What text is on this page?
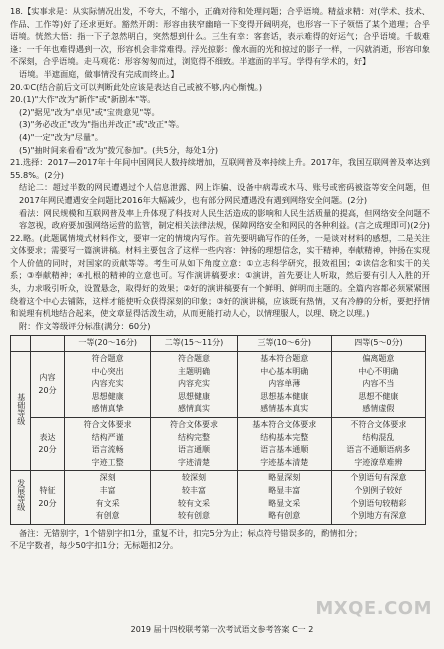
18.【实事求是：从实际情况出发，不夸大，不缩小，正确对待和处理问题；合乎语境。精益求精：对(学术、技术、作品、工作等)好了还求更好。豁然开朗：形容由狭窄幽暗一下变得开阔明亮，也形容一下子领悟了某个道理；合乎语境。恍然大悟：指一下子忽然明白，突然想到什么。三生有幸：客套话，表示难得的好运气；合乎语境。千载难逢：一千年也难得遇到一次，形容机会非常难得。浮光掠影：像水面的光和掠过的影子一样，一闪就消逝，形容印象不深刻，合乎语境。走马观花：形容匆匆而过，浏览得不细致。半遮面的半写。学得有学术的，好】

语境。半遮面庭，做事情没有完成而终止。】

20.①C(结合前后文可以判断此处应该是表达自己或被不够,内心惭愧。)

20.(1)"大作"改为"新作"或"新剧本"等。

(2)"据见"改为"卓见"或"宝贵意见"等。

(3)"务必改正"改为"指出并改正"或"改正"等。

(4)"一定"改为"尽量"。

(5)"抽时间来看看"改为"拨冗参加"。(共5分，每处1分)

21.选择：2017—2017年十年间中国网民人数持续增加，互联网普及率持续上升。2017年，我国互联网普及率达到55.8%。(2分)

结论二：超过半数的网民遭遇过个人信息泄露、网上诈骗、设备中病毒或木马、账号或密码被盗等安全问题，但2017年网民遭遇安全问题比2016年大幅减少，也有部分网民遭遇没有遇到网络安全问题。(2分)

看法：网民规模和互联网普及率上升体现了科技对人民生活造成的影响和人民生活质量的提高，但网络安全问题不容忽视，政府要加强网络运营的监管，制定相关法律法规，保障网络安全和网民的各种利益。(言之成理即可)(2分)

22.略。(此题属情境式材料作文，要审一定的情境内写作。首先要明确写作的任务，一是谈对材料的感想，二是关注文体要求；需要写一篇演讲稿。材料主要包含了这样一些内容：钟扬的理想信念，实干精神，奉献精神，钟扬在实现个人价值的同时，对国家的贡献等等。考生可从如下角度立意：①立志科学研究，报效祖国；②读信念和实干的关系；③奉献精神；④扎根的精神的立意也可。写作演讲稿要求：①演讲，首先要让人听取，然后要有引人入胜的开头，力求吸引听众，设置悬念，取得好的效果；②好的演讲稿要有一个鲜明、鲜明而主题的。全篇内容都必须紧紧围绕着这个中心去铺陈，这样才能使听众获得深刻的印象；③好的演讲稿，应该既有热情，又有冷静的分析，要把抒情和说理有机地结合起来，使文章显得活泼生动，从而更能打动人心，以情理服人，以理、晓之以理。)

附：作文等级评分标准(满分：60分)

		一等(20～16分)	二等(15～11分)	三等(10～6分)	四等(5～0分)
基础等级	内容
20分	符合题意
中心突出
内容充实
思想健康
感情真挚	符合题意
主题明确
内容充实
思想健康
感情真实	基本符合题意
中心基本明确
内容单薄
思想基本健康
感情基本真实	偏离题意
中心不明确
内容不当
思想不健康
感情虚假
	表达
20分	符合文体要求
结构严谨
语言流畅
字迹工整	符合文体要求
结构完整
语言通顺
字迹清楚	基本符合文体要求
结构基本完整
语言基本通顺
字迹基本清楚	不符合文体要求
结构混乱
语言不通顺语病多
字迹潦草难辨
发展等级	特征
20分	深刻
丰富
有文采
有创意	较深刻
较丰富
较有文采
较有创意	略显深刻
略显丰富
略显文采
略有创意	个别语句有深意
个别例子较好
个别语句较精彩
个别地方有深意

备注：无错别字，1个错别字扣1分，重复不计，扣完5分为止；标点符号错误多的，酌情扣分；

不足字数者，每少50字扣1分；无标题扣2分。

MXQE.COM
2019 届十四校联考第一次考试语文参考答案 C一 2
